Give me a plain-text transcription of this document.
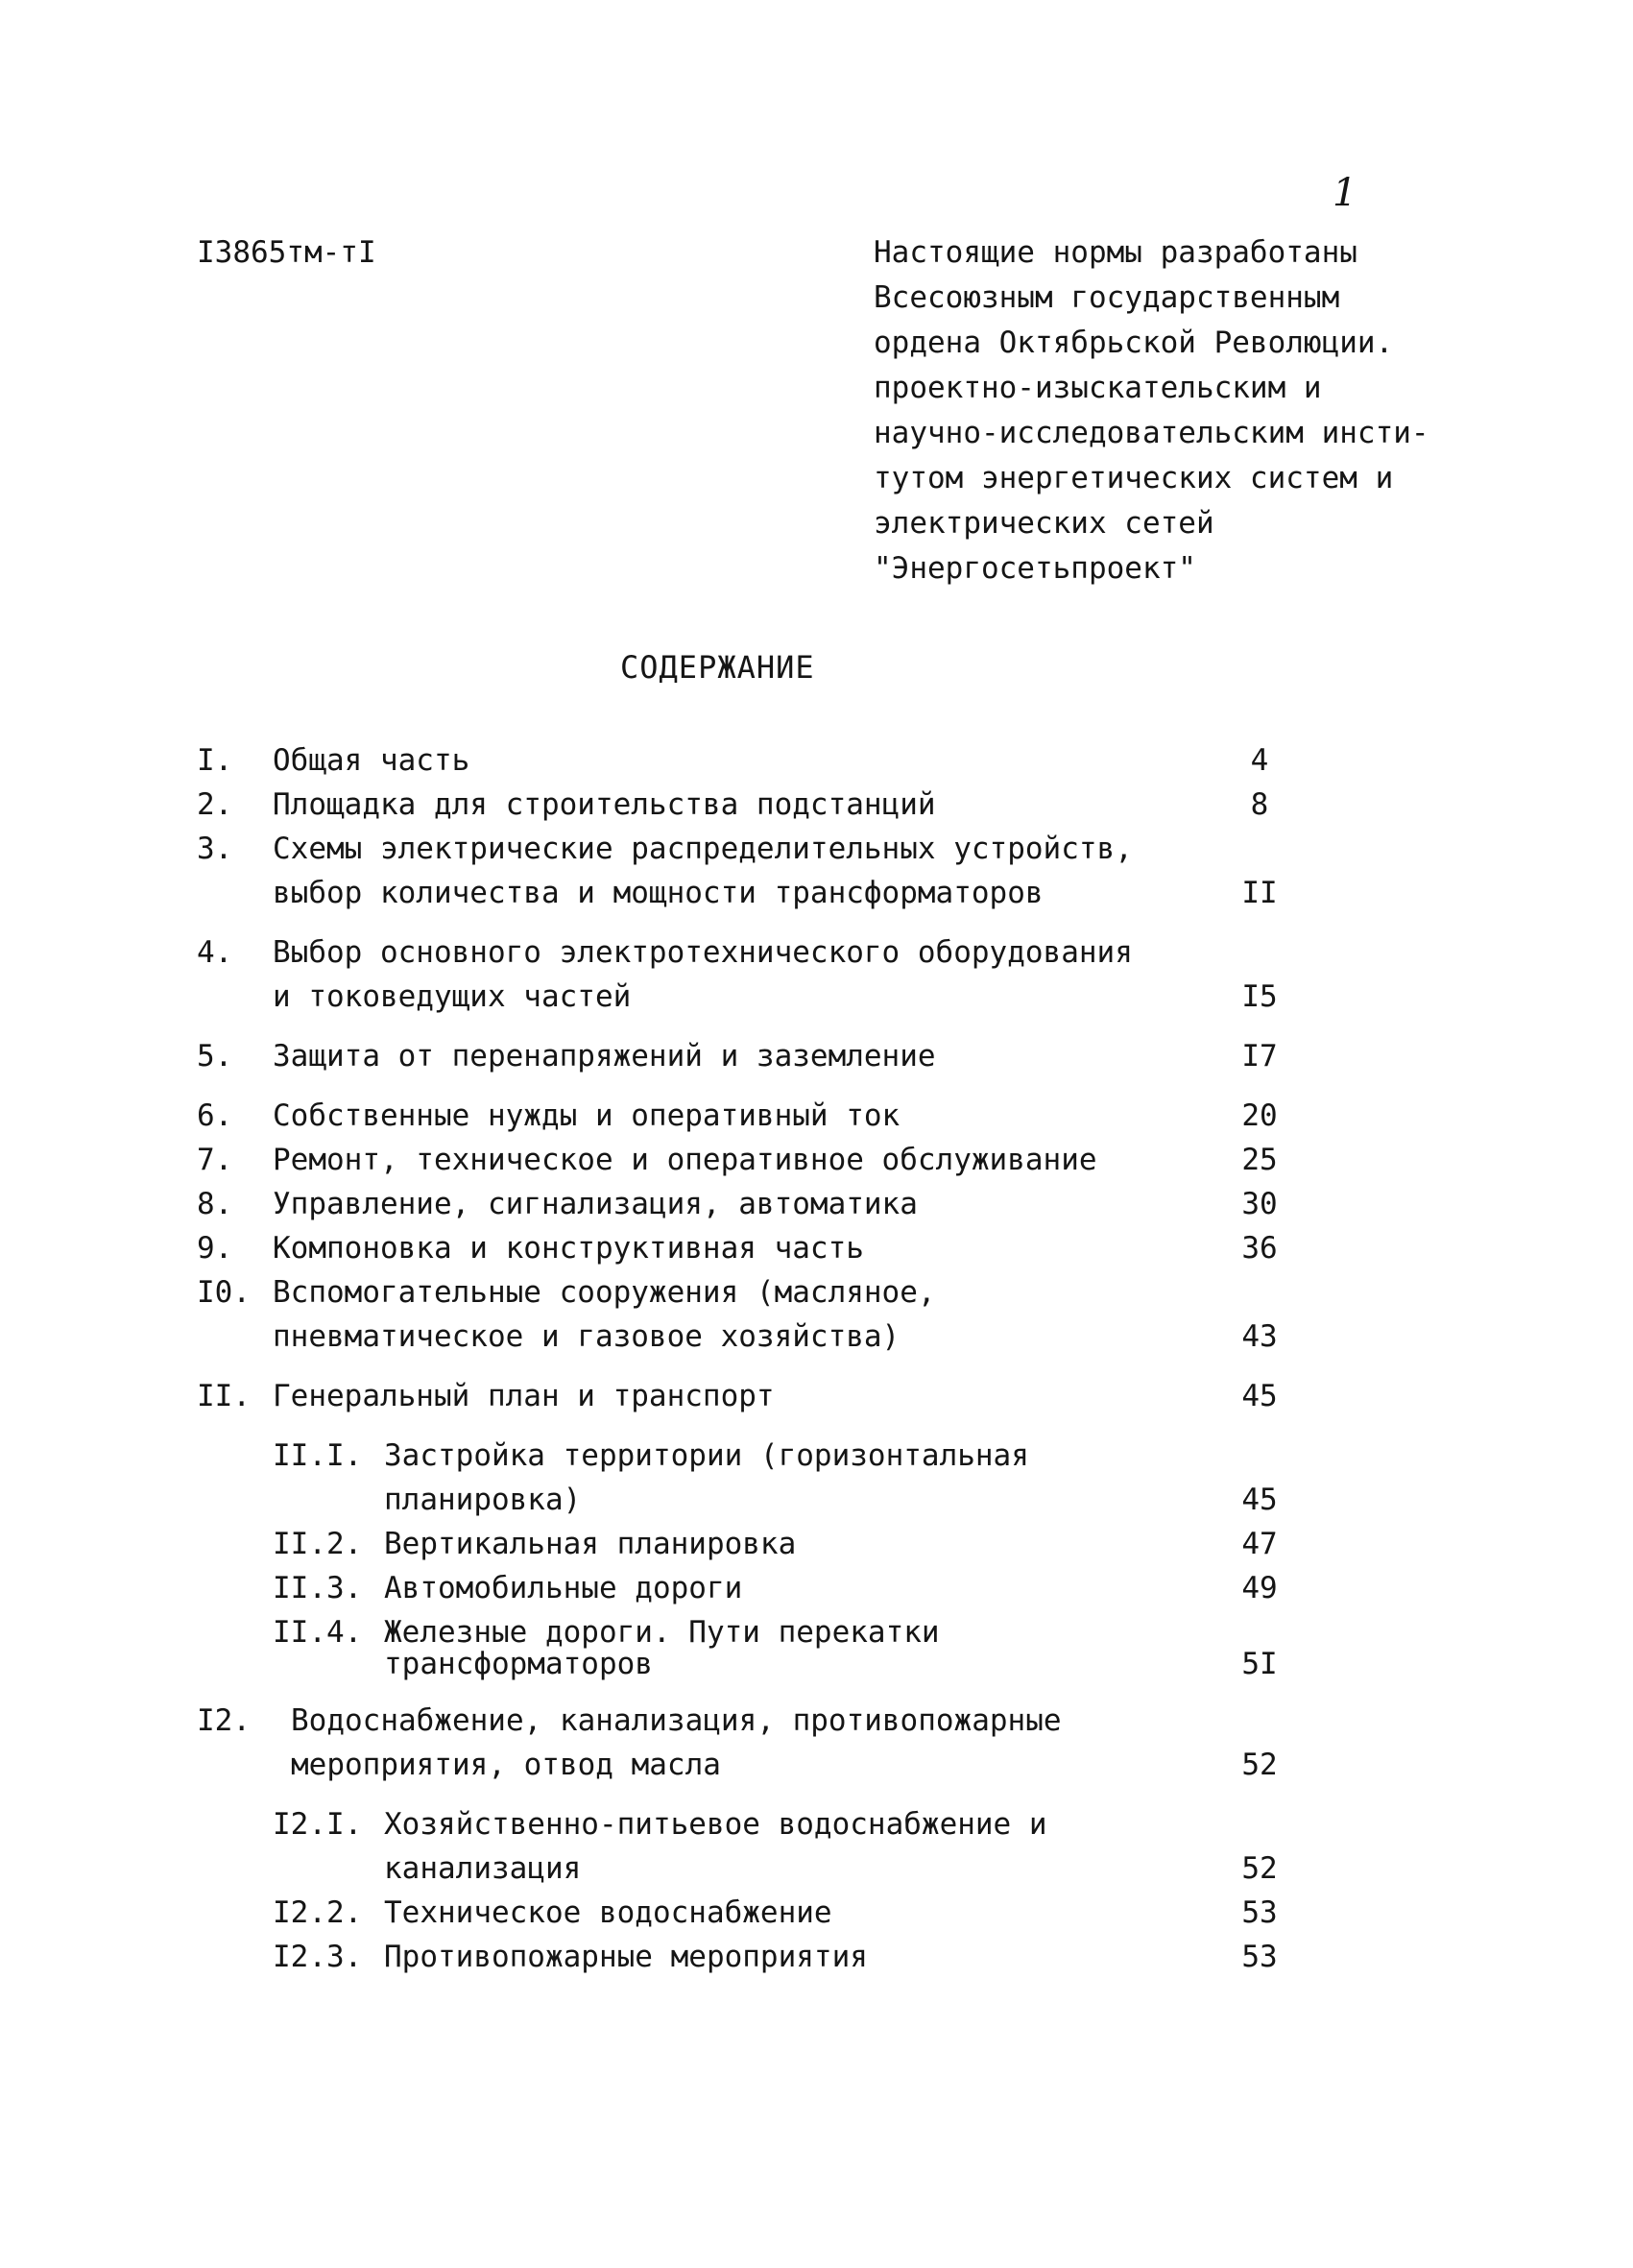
1
I3865тм-тI	Настоящие нормы разработаны
Всесоюзным государственным
ордена Октябрьской Революции.
проектно-изыскательским и
научно-исследовательским инсти-
тутом энергетических систем и
электрических сетей
"Энергосетьпроект"
СОДЕРЖАНИЕ
I. Общая часть	4
2. Площадка для строительства подстанций	8
3. Схемы электрические распределительных устройств,
выбор количества и мощности трансформаторов	II
4. Выбор основного электротехнического оборудования
и токоведущих частей	I5
5. Защита от перенапряжений и заземление	I7
6. Собственные нужды и оперативный ток	20
7. Ремонт, техническое и оперативное обслуживание	25
8. Управление, сигнализация, автоматика	30
9. Компоновка и конструктивная часть	36
I0. Вспомогательные сооружения (масляное,
пневматическое и газовое хозяйства)	43
II. Генеральный план и транспорт	45
II.I. Застройка территории (горизонтальная
планировка)	45
II.2. Вертикальная планировка	47
II.3. Автомобильные дороги	49
II.4. Железные дороги. Пути перекатки
трансформаторов	5I
I2. Водоснабжение, канализация, противопожарные
мероприятия, отвод масла	52
I2.I. Хозяйственно-питьевое водоснабжение и
канализация	52
I2.2. Техническое водоснабжение	53
I2.3. Противопожарные мероприятия	53
